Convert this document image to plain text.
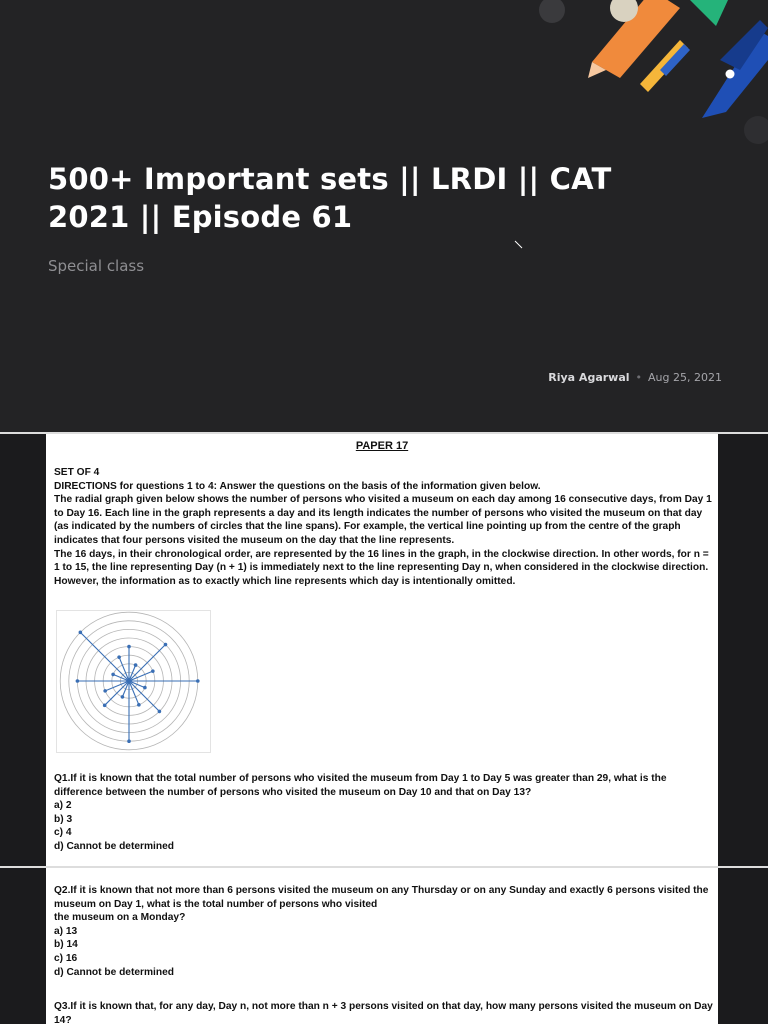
500+ Important sets || LRDI || CAT
2021 || Episode 61
Special class
Riya Agarwal • Aug 25, 2021
PAPER 17

SET OF 4

DIRECTIONS for questions 1 to 4: Answer the questions on the basis of the information given below.

The radial graph given below shows the number of persons who visited a museum on each day among 16 consecutive days, from Day 1 to Day 16. Each line in the graph represents a day and its length indicates the number of persons who visited the museum on that day (as indicated by the numbers of circles that the line spans). For example, the vertical line pointing up from the centre of the graph indicates that four persons visited the museum on the day that the line represents.

The 16 days, in their chronological order, are represented by the 16 lines in the graph, in the clockwise direction. In other words, for n = 1 to 15, the line representing Day (n + 1) is immediately next to the line representing Day n, when considered in the clockwise direction. However, the information as to exactly which line represents which day is intentionally omitted.

Q1.If it is known that the total number of persons who visited the museum from Day 1 to Day 5 was greater than 29, what is the difference between the number of persons who visited the museum on Day 10 and that on Day 13?
a) 2
b) 3
c) 4
d) Cannot be determined
Q2.If it is known that not more than 6 persons visited the museum on any Thursday or on any Sunday and exactly 6 persons visited the museum on Day 1, what is the total number of persons who visited
the museum on a Monday?
a) 13
b) 14
c) 16
d) Cannot be determined
Q3.If it is known that, for any day, Day n, not more than n + 3 persons visited on that day, how many persons visited the museum on Day 14?
